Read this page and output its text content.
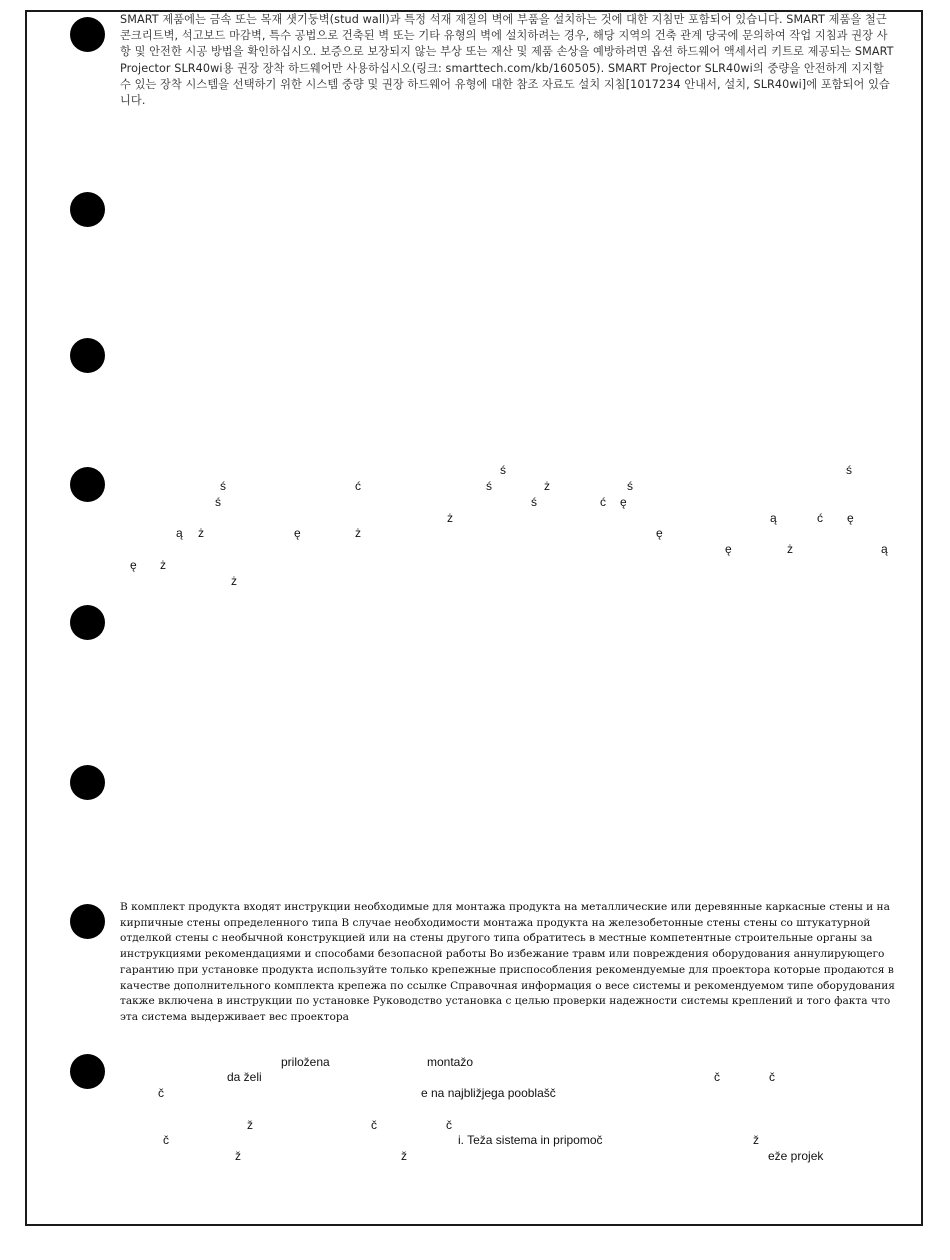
SMART 제품에는 금속 또는 목재 샛기둥벽(stud wall)과 특정 석재 재질의 벽에 부품을 설치하는 것에 대한 지침만 포함되어 있습니다. SMART 제품을 철근 콘크리트벽, 석고보드 마감벽, 특수 공법으로 건축된 벽 또는 기타 유형의 벽에 설치하려는 경우, 해당 지역의 건축 관계 당국에 문의하여 작업 지침과 권장 사항 및 안전한 시공 방법을 확인하십시오. 보증으로 보장되지 않는 부상 또는 재산 및 제품 손상을 예방하려면 옵션 하드웨어 액세서리 키트로 제공되는 SMART Projector SLR40wi용 권장 장착 하드웨어만 사용하십시오(링크: smarttech.com/kb/160505). SMART Projector SLR40wi의 중량을 안전하게 지지할 수 있는 장착 시스템을 선택하기 위한 시스템 중량 및 권장 하드웨어 유형에 대한 참조 자료도 설치 지침[1017234 안내서, 설치, SLR40wi]에 포함되어 있습니다.

ś	ś
ś	ć	ś	ż	ś
ś	ś	ć ę
ż	ą	ć ę
ą ż	ę	ż	ę
ę	ż	ą
ę ż
ż

В комплект продукта входят инструкции необходимые для монтажа продукта на металлические или деревянные каркасные стены и на кирпичные стены определенного типа В случае необходимости монтажа продукта на железобетонные стены стены со штукатурной отделкой стены с необычной конструкцией или на стены другого типа обратитесь в местные компетентные строительные органы за инструкциями рекомендациями и способами безопасной работы Во избежание травм или повреждения оборудования аннулирующего гарантию при установке продукта используйте только крепежные приспособления рекомендуемые для проектора которые продаются в качестве дополнительного комплекта крепежа по ссылке Справочная информация о весе системы и рекомендуемом типе оборудования также включена в инструкции по установке Руководство установка с целью проверки надежности системы креплений и того факта что эта система выдерживает вес проектора

priložena	montažo
da želi	č	č
č	e na najbližjega pooblašč
ž	č	č
č	i. Teža sistema in pripomoč	ž
ž	ž	eže projek
